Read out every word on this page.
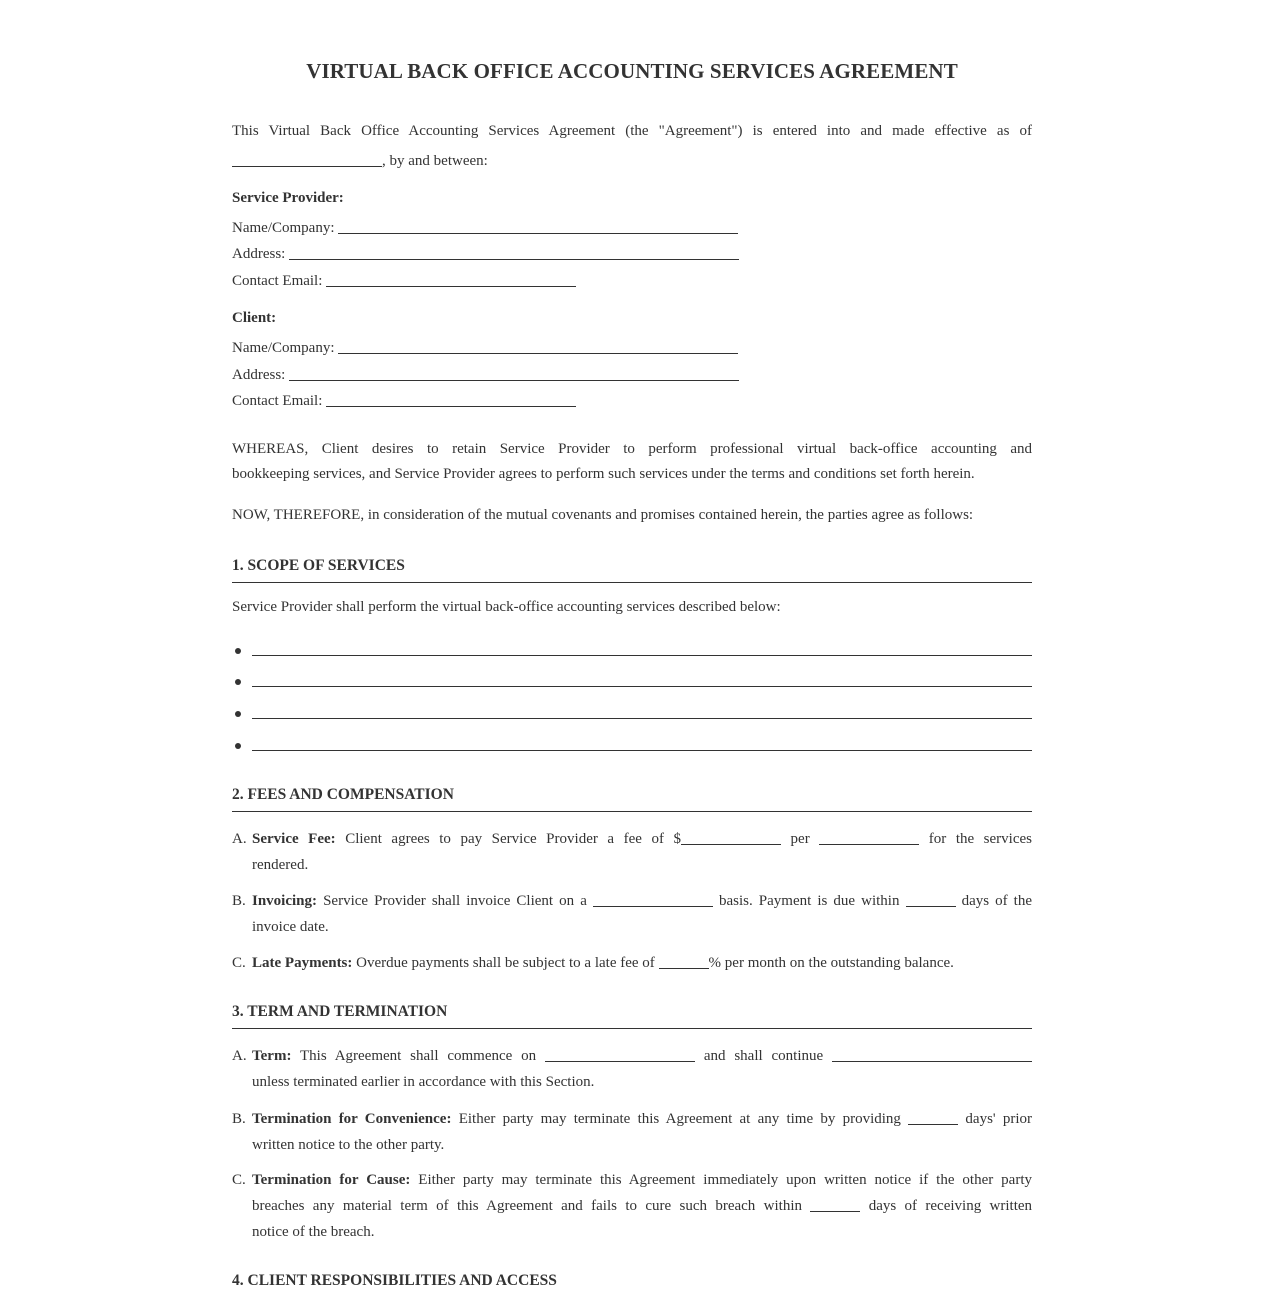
VIRTUAL BACK OFFICE ACCOUNTING SERVICES AGREEMENT
This Virtual Back Office Accounting Services Agreement (the "Agreement") is entered into and made effective as of
, by and between:
Service Provider:
Name/Company:
Address:
Contact Email:
Client:
Name/Company:
Address:
Contact Email:
WHEREAS, Client desires to retain Service Provider to perform professional virtual back-office accounting and
bookkeeping services, and Service Provider agrees to perform such services under the terms and conditions set forth herein.
NOW, THEREFORE, in consideration of the mutual covenants and promises contained herein, the parties agree as follows:
1. SCOPE OF SERVICES
Service Provider shall perform the virtual back-office accounting services described below:
2. FEES AND COMPENSATION
A. Service Fee: Client agrees to pay Service Provider a fee of $	per	for the services
rendered.
B. Invoicing: Service Provider shall invoice Client on a	basis. Payment is due within	days of the
invoice date.
C. Late Payments: Overdue payments shall be subject to a late fee of	% per month on the outstanding balance.
3. TERM AND TERMINATION
A. Term: This Agreement shall commence on	and shall continue
unless terminated earlier in accordance with this Section.
B. Termination for Convenience: Either party may terminate this Agreement at any time by providing	days' prior
written notice to the other party.
C. Termination for Cause: Either party may terminate this Agreement immediately upon written notice if the other party
breaches any material term of this Agreement and fails to cure such breach within	days of receiving written
notice of the breach.
4. CLIENT RESPONSIBILITIES AND ACCESS
